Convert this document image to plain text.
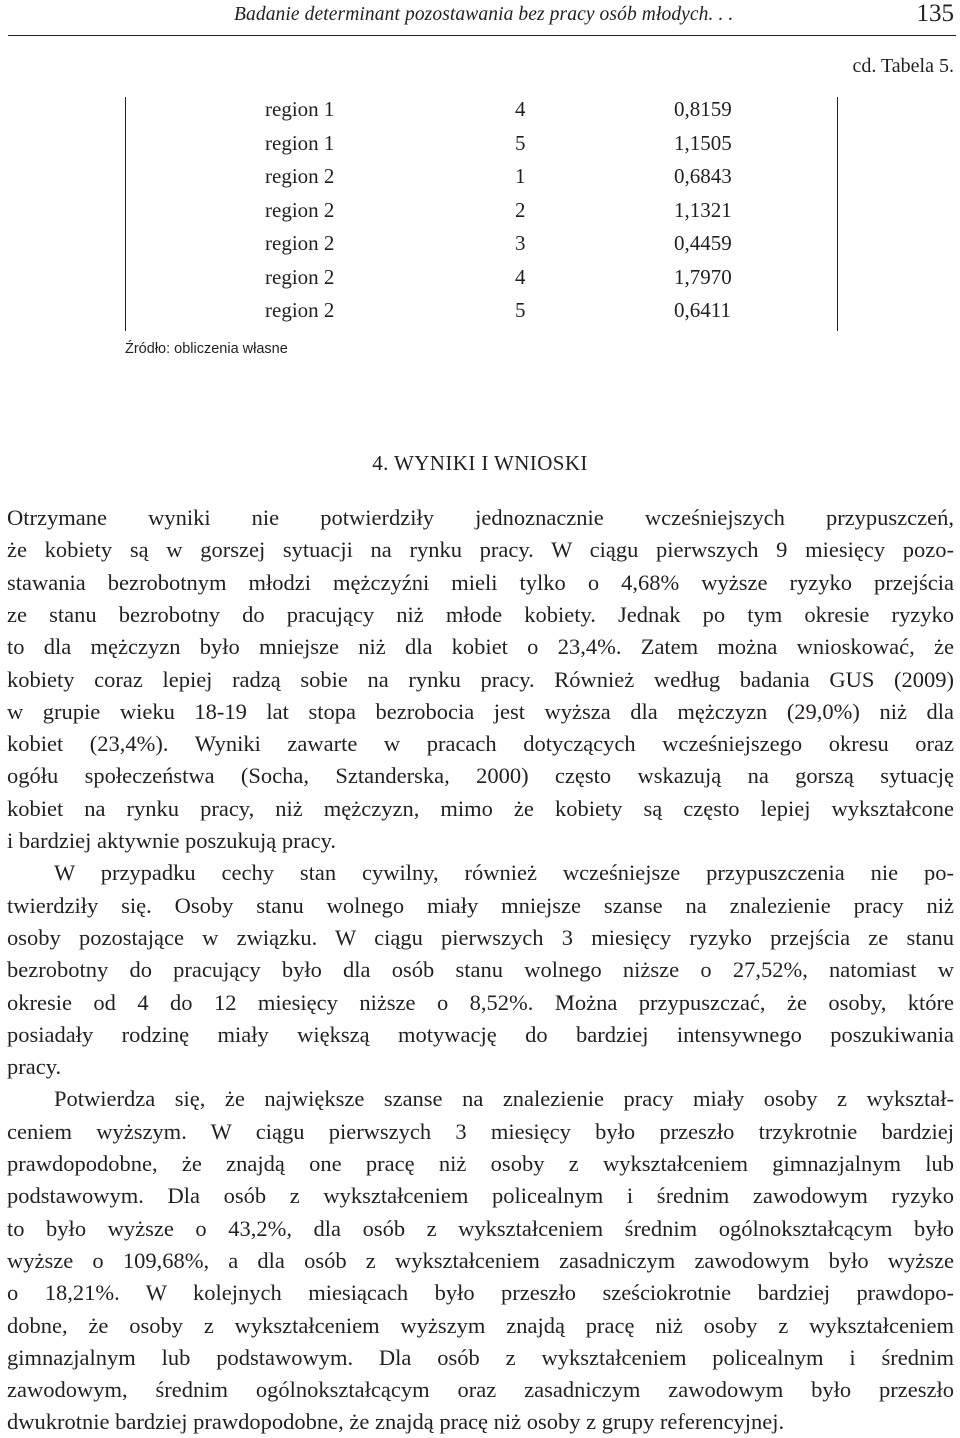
Badanie determinant pozostawania bez pracy osób młodych. . .	135
cd. Tabela 5.
region 1	4	0,8159
region 1	5	1,1505
region 2	1	0,6843
region 2	2	1,1321
region 2	3	0,4459
region 2	4	1,7970
region 2	5	0,6411
Źródło: obliczenia własne
4. WYNIKI I WNIOSKI
Otrzymane wyniki nie potwierdziły jednoznacznie wcześniejszych przypuszczeń,
że kobiety są w gorszej sytuacji na rynku pracy. W ciągu pierwszych 9 miesięcy pozo-
stawania bezrobotnym młodzi mężczyźni mieli tylko o 4,68% wyższe ryzyko przejścia
ze stanu bezrobotny do pracujący niż młode kobiety. Jednak po tym okresie ryzyko
to dla mężczyzn było mniejsze niż dla kobiet o 23,4%. Zatem można wnioskować, że
kobiety coraz lepiej radzą sobie na rynku pracy. Również według badania GUS (2009)
w grupie wieku 18-19 lat stopa bezrobocia jest wyższa dla mężczyzn (29,0%) niż dla
kobiet (23,4%). Wyniki zawarte w pracach dotyczących wcześniejszego okresu oraz
ogółu społeczeństwa (Socha, Sztanderska, 2000) często wskazują na gorszą sytuację
kobiet na rynku pracy, niż mężczyzn, mimo że kobiety są często lepiej wykształcone
i bardziej aktywnie poszukują pracy.
W przypadku cechy stan cywilny, również wcześniejsze przypuszczenia nie po-
twierdziły się. Osoby stanu wolnego miały mniejsze szanse na znalezienie pracy niż
osoby pozostające w związku. W ciągu pierwszych 3 miesięcy ryzyko przejścia ze stanu
bezrobotny do pracujący było dla osób stanu wolnego niższe o 27,52%, natomiast w
okresie od 4 do 12 miesięcy niższe o 8,52%. Można przypuszczać, że osoby, które
posiadały rodzinę miały większą motywację do bardziej intensywnego poszukiwania
pracy.
Potwierdza się, że największe szanse na znalezienie pracy miały osoby z wykształ-
ceniem wyższym. W ciągu pierwszych 3 miesięcy było przeszło trzykrotnie bardziej
prawdopodobne, że znajdą one pracę niż osoby z wykształceniem gimnazjalnym lub
podstawowym. Dla osób z wykształceniem policealnym i średnim zawodowym ryzyko
to było wyższe o 43,2%, dla osób z wykształceniem średnim ogólnokształcącym było
wyższe o 109,68%, a dla osób z wykształceniem zasadniczym zawodowym było wyższe
o 18,21%. W kolejnych miesiącach było przeszło sześciokrotnie bardziej prawdopo-
dobne, że osoby z wykształceniem wyższym znajdą pracę niż osoby z wykształceniem
gimnazjalnym lub podstawowym. Dla osób z wykształceniem policealnym i średnim
zawodowym, średnim ogólnokształcącym oraz zasadniczym zawodowym było przeszło
dwukrotnie bardziej prawdopodobne, że znajdą pracę niż osoby z grupy referencyjnej.
